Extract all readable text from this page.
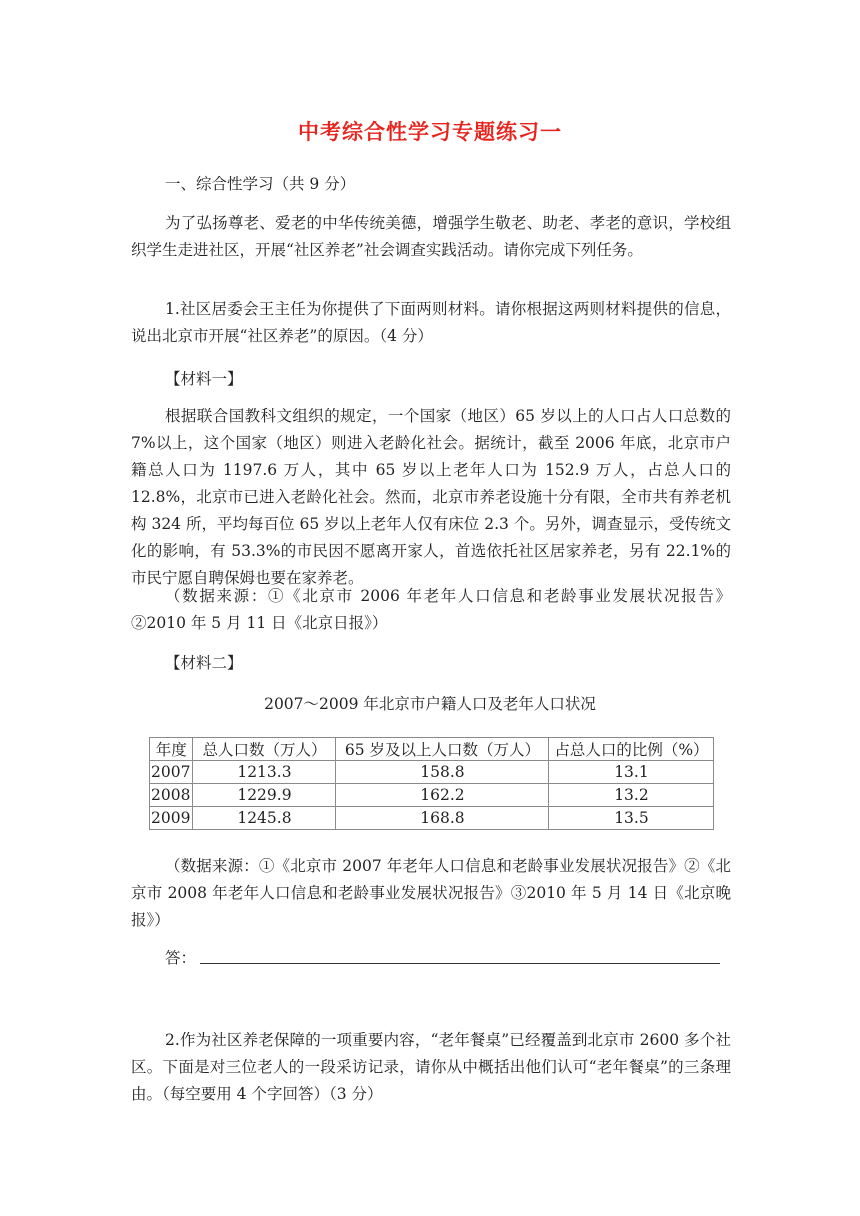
中考综合性学习专题练习一

一、综合性学习（共 9 分）

为了弘扬尊老、爱老的中华传统美德，增强学生敬老、助老、孝老的意识，学校组织学生走进社区，开展“社区养老”社会调查实践活动。请你完成下列任务。

1.社区居委会王主任为你提供了下面两则材料。请你根据这两则材料提供的信息，说出北京市开展“社区养老”的原因。（4 分）

【材料一】

根据联合国教科文组织的规定，一个国家（地区）65 岁以上的人口占人口总数的 7%以上，这个国家（地区）则进入老龄化社会。据统计，截至 2006 年底，北京市户籍总人口为 1197.6 万人，其中 65 岁以上老年人口为 152.9 万人，占总人口的 12.8%，北京市已进入老龄化社会。然而，北京市养老设施十分有限，全市共有养老机构 324 所，平均每百位 65 岁以上老年人仅有床位 2.3 个。另外，调查显示，受传统文化的影响，有 53.3%的市民因不愿离开家人，首选依托社区居家养老，另有 22.1%的市民宁愿自聘保姆也要在家养老。

（数据来源：①《北京市 2006 年老年人口信息和老龄事业发展状况报告》②2010 年 5 月 11 日《北京日报》）

【材料二】

2007～2009 年北京市户籍人口及老年人口状况
年度	总人口数（万人）	65 岁及以上人口数（万人）	占总人口的比例（%）
2007	1213.3	158.8	13.1
2008	1229.9	162.2	13.2
2009	1245.8	168.8	13.5

（数据来源：①《北京市 2007 年老年人口信息和老龄事业发展状况报告》②《北京市 2008 年老年人口信息和老龄事业发展状况报告》③2010 年 5 月 14 日《北京晚报》）

答：

2.作为社区养老保障的一项重要内容，“老年餐桌”已经覆盖到北京市 2600 多个社区。下面是对三位老人的一段采访记录，请你从中概括出他们认可“老年餐桌”的三条理由。（每空要用 4 个字回答）（3 分）
